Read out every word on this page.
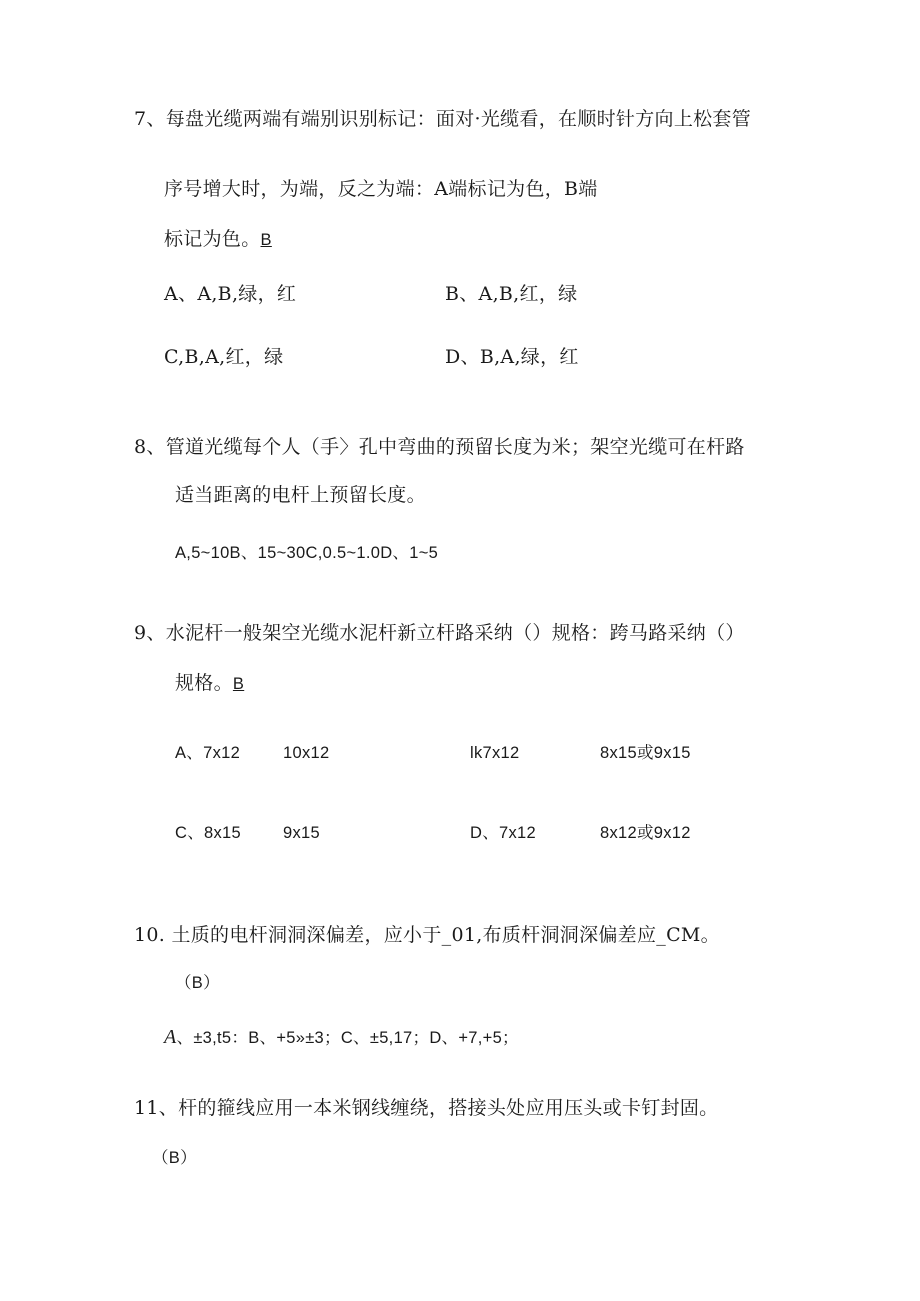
7、每盘光缆两端有端别识别标记：面对·光缆看，在顺时针方向上松套管
序号增大时，为端，反之为端：A端标记为色，B端
标记为色。B
A、A,B,绿，红	B、A,B,红，绿
C,B,A,红，绿	D、B,A,绿，红
8、管道光缆每个人（手〉孔中弯曲的预留长度为米；架空光缆可在杆路
适当距离的电杆上预留长度。
A,5~10B、15~30C,0.5~1.0D、1~5
9、水泥杆一般架空光缆水泥杆新立杆路采纳（）规格：跨马路采纳（）
规格。B
A、7x12	10x12	lk7x12	8x15或9x15
C、8x15	9x15	D、7x12	8x12或9x12
10. 土质的电杆洞洞深偏差，应小于_01,布质杆洞洞深偏差应_CM。
（B）
A、±3,t5：B、+5»±3；C、±5,17；D、+7,+5；
11、杆的箍线应用一本米钢线缠绕，搭接头处应用压头或卡钉封固。
（B）
